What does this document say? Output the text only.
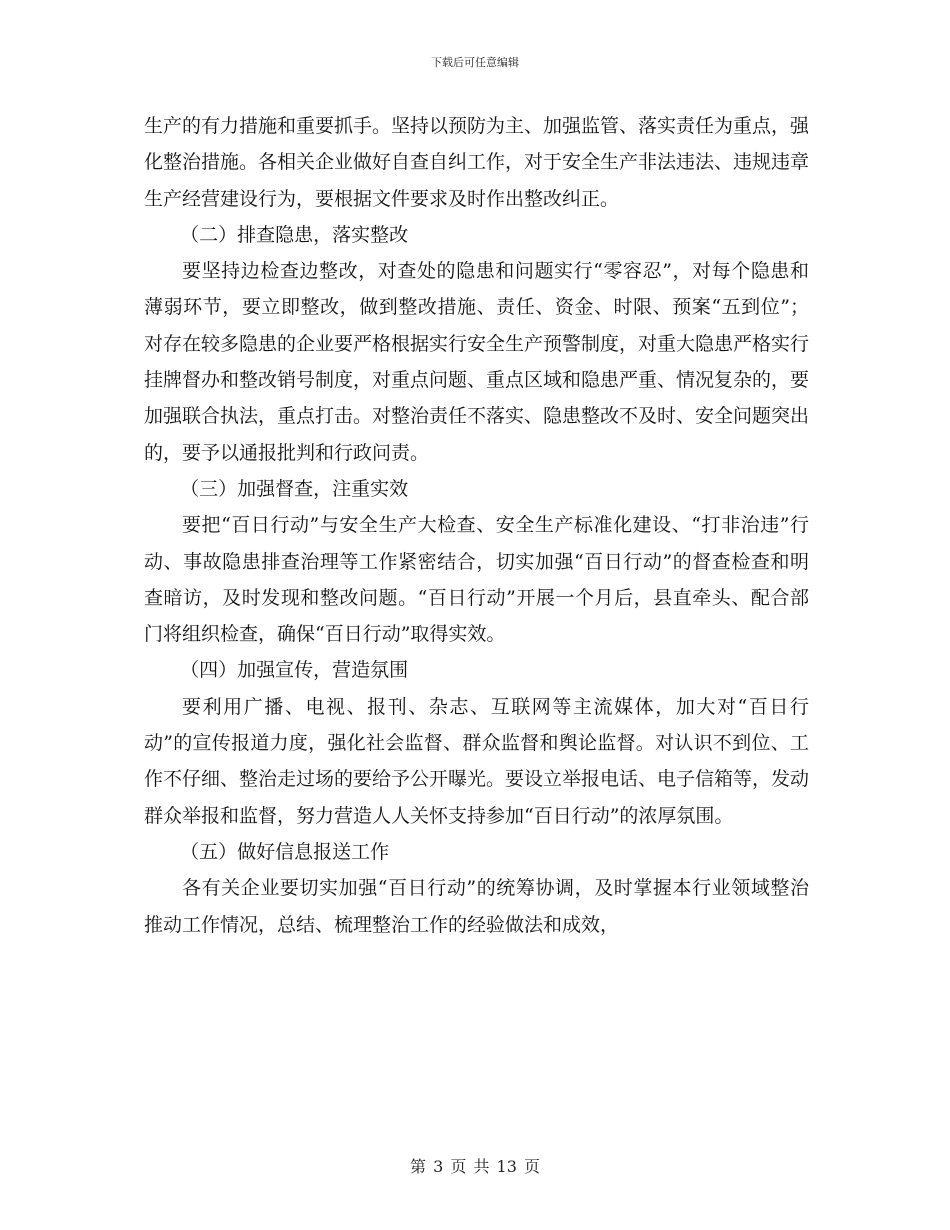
下载后可任意编辑

生产的有力措施和重要抓手。坚持以预防为主、加强监管、落实责任为重点，强化整治措施。各相关企业做好自查自纠工作，对于安全生产非法违法、违规违章生产经营建设行为，要根据文件要求及时作出整改纠正。

（二）排查隐患，落实整改

要坚持边检查边整改，对查处的隐患和问题实行“零容忍”，对每个隐患和薄弱环节，要立即整改，做到整改措施、责任、资金、时限、预案“五到位”；对存在较多隐患的企业要严格根据实行安全生产预警制度，对重大隐患严格实行挂牌督办和整改销号制度，对重点问题、重点区域和隐患严重、情况复杂的，要加强联合执法，重点打击。对整治责任不落实、隐患整改不及时、安全问题突出的，要予以通报批判和行政问责。

（三）加强督查，注重实效

要把“百日行动”与安全生产大检查、安全生产标准化建设、“打非治违”行动、事故隐患排查治理等工作紧密结合，切实加强“百日行动”的督查检查和明查暗访，及时发现和整改问题。“百日行动”开展一个月后，县直牵头、配合部门将组织检查，确保“百日行动”取得实效。

（四）加强宣传，营造氛围

要利用广播、电视、报刊、杂志、互联网等主流媒体，加大对“百日行动”的宣传报道力度，强化社会监督、群众监督和舆论监督。对认识不到位、工作不仔细、整治走过场的要给予公开曝光。要设立举报电话、电子信箱等，发动群众举报和监督，努力营造人人关怀支持参加“百日行动”的浓厚氛围。

（五）做好信息报送工作

各有关企业要切实加强“百日行动”的统筹协调，及时掌握本行业领域整治推动工作情况，总结、梳理整治工作的经验做法和成效，

第 3 页 共 13 页
